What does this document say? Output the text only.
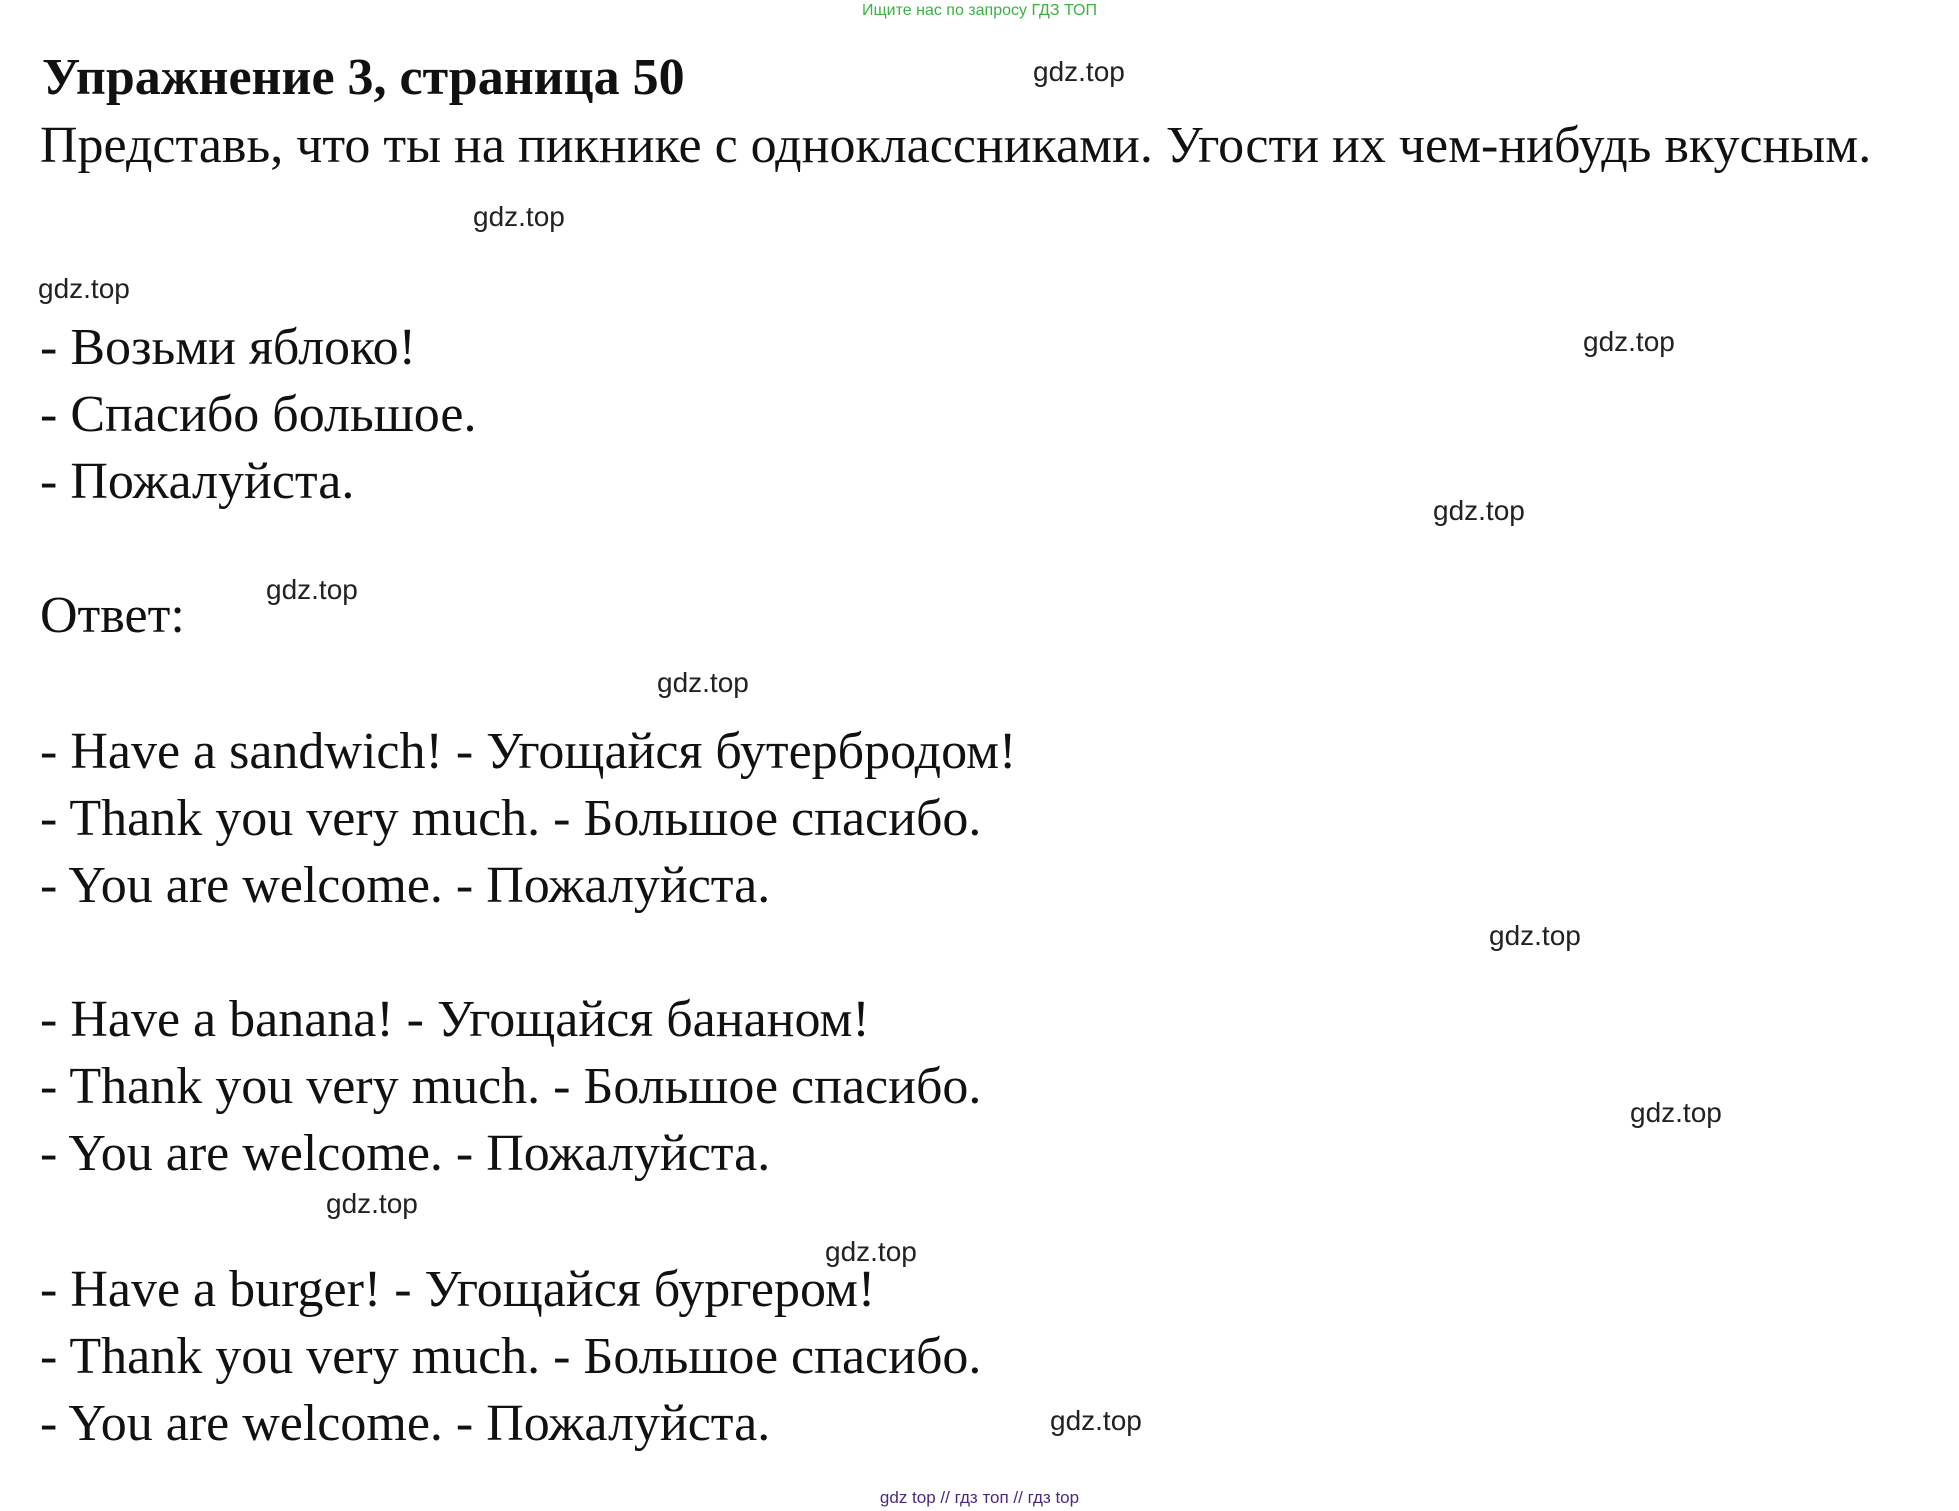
Ищите нас по запросу ГДЗ ТОП
Упражнение 3, страница 50
Представь, что ты на пикнике с одноклассниками. Угости их чем-нибудь вкусным.
- Возьми яблоко!
- Спасибо большое.
- Пожалуйста.
Ответ:
- Have a sandwich! - Угощайся бутербродом!
- Thank you very much. - Большое спасибо.
- You are welcome. - Пожалуйста.
- Have a banana! - Угощайся бананом!
- Thank you very much. - Большое спасибо.
- You are welcome. - Пожалуйста.
- Have a burger! - Угощайся бургером!
- Thank you very much. - Большое спасибо.
- You are welcome. - Пожалуйста.
gdz.top
gdz.top
gdz.top
gdz.top
gdz.top
gdz.top
gdz.top
gdz.top
gdz.top
gdz.top
gdz.top
gdz.top
gdz top // гдз топ // гдз top
